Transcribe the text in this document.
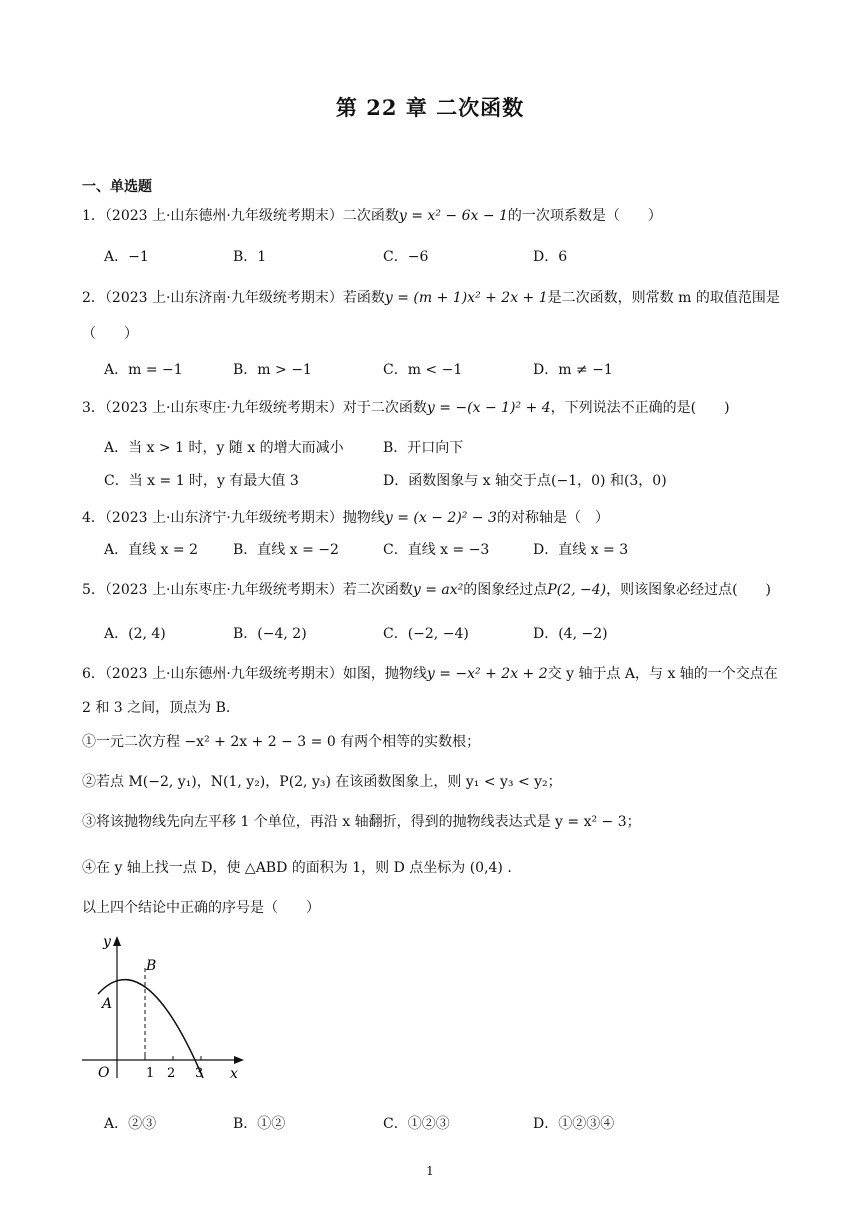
第 22 章 二次函数
一、单选题
1．（2023 上·山东德州·九年级统考期末）二次函数y = x² − 6x − 1的一次项系数是（　　）
A．−1	B．1	C．−6	D．6
2．（2023 上·山东济南·九年级统考期末）若函数y = (m + 1)x² + 2x + 1是二次函数，则常数 m 的取值范围是
（　　）
A．m = −1	B．m > −1	C．m < −1	D．m ≠ −1
3．（2023 上·山东枣庄·九年级统考期末）对于二次函数y = −(x − 1)² + 4，下列说法不正确的是(　　)
A．当 x > 1 时，y 随 x 的增大而减小	B．开口向下
C．当 x = 1 时，y 有最大值 3	D．函数图象与 x 轴交于点(−1，0) 和(3，0)
4．（2023 上·山东济宁·九年级统考期末）抛物线y = (x − 2)² − 3的对称轴是（　）
A．直线 x = 2	B．直线 x = −2	C．直线 x = −3	D．直线 x = 3
5．（2023 上·山东枣庄·九年级统考期末）若二次函数y = ax²的图象经过点P(2, −4)，则该图象必经过点(　　)
A．(2, 4)	B．(−4, 2)	C．(−2, −4)	D．(4, −2)
6．（2023 上·山东德州·九年级统考期末）如图，抛物线y = −x² + 2x + 2交 y 轴于点 A，与 x 轴的一个交点在
2 和 3 之间，顶点为 B.
①一元二次方程 −x² + 2x + 2 − 3 = 0 有两个相等的实数根；
②若点 M(−2, y₁)，N(1, y₂)，P(2, y₃) 在该函数图象上，则 y₁ < y₃ < y₂；
③将该抛物线先向左平移 1 个单位，再沿 x 轴翻折，得到的抛物线表达式是 y = x² − 3；
④在 y 轴上找一点 D，使 △ABD 的面积为 1，则 D 点坐标为 (0,4) .
以上四个结论中正确的序号是（　　）
y
x
O
A
B
1 2 3
A．②③	B．①②	C．①②③	D．①②③④
1
